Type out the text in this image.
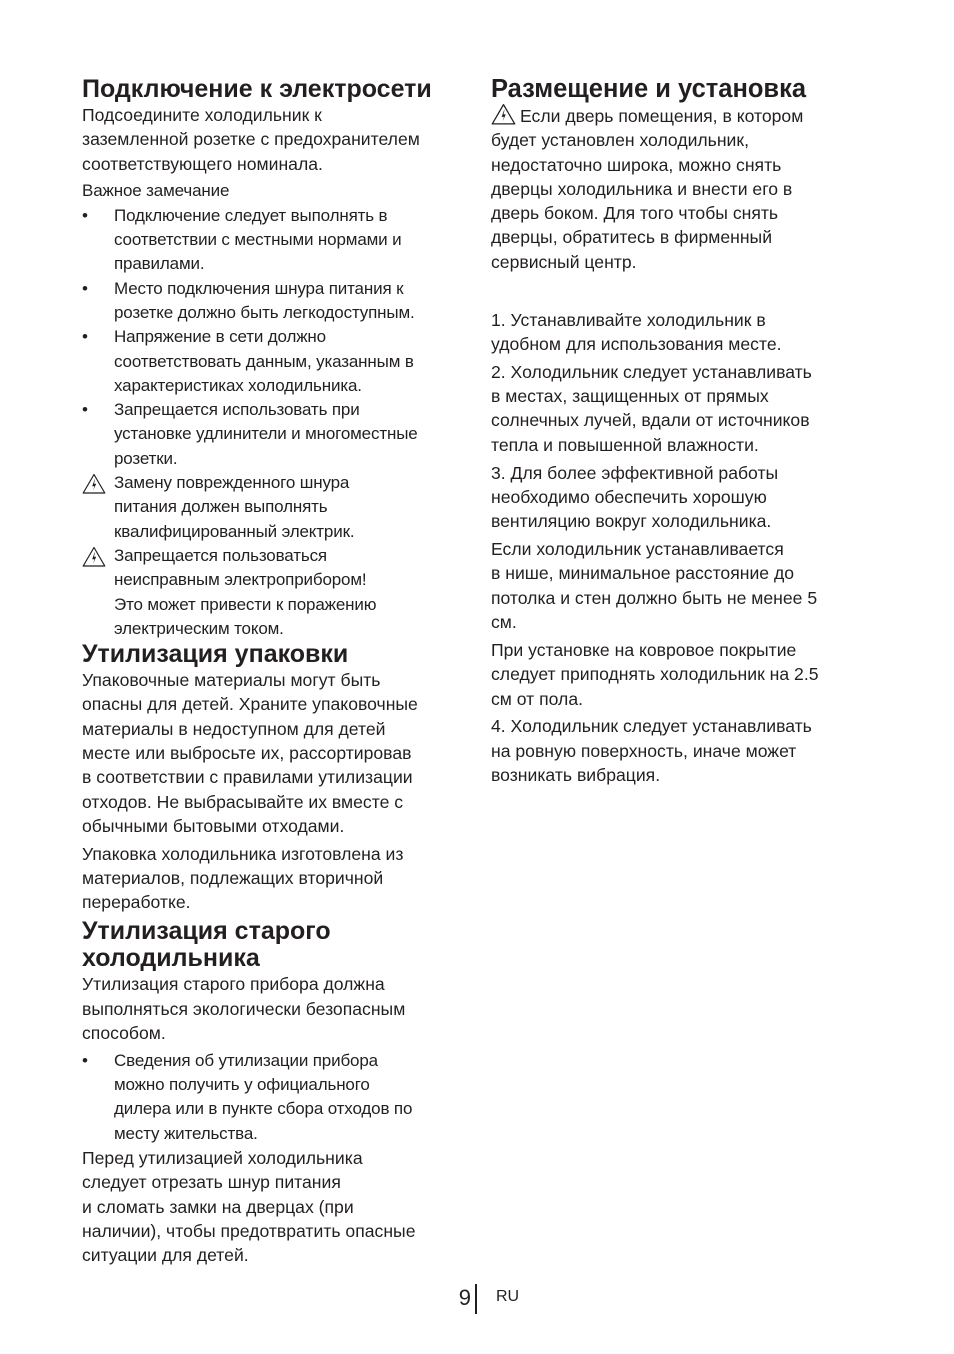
Подключение к электросети
Подсоедините холодильник к
заземленной розетке с предохранителем
соответствующего номинала.
Важное замечание
•	Подключение следует выполнять в
соответствии с местными нормами и
правилами.
•	Место подключения шнура питания к
розетке должно быть легкодоступным.
•	Напряжение в сети должно
соответствовать данным, указанным в
характеристиках холодильника.
•	Запрещается использовать при
установке удлинители и многоместные
розетки.
Замену поврежденного шнура
питания должен выполнять
квалифицированный электрик.
Запрещается пользоваться
неисправным электроприбором!
Это может привести к поражению
электрическим током.
Утилизация упаковки
Упаковочные материалы могут быть
опасны для детей. Храните упаковочные
материалы в недоступном для детей
месте или выбросьте их, рассортировав
в соответствии с правилами утилизации
отходов. Не выбрасывайте их вместе с
обычными бытовыми отходами.
Упаковка холодильника изготовлена из
материалов, подлежащих вторичной
переработке.
Утилизация старого
холодильника
Утилизация старого прибора должна
выполняться экологически безопасным
способом.
•	Сведения об утилизации прибора
можно получить у официального
дилера или в пункте сбора отходов по
месту жительства.
Перед утилизацией холодильника
следует отрезать шнур питания
и сломать замки на дверцах (при
наличии), чтобы предотвратить опасные
ситуации для детей.
Размещение и установка
Если дверь помещения, в котором
будет установлен холодильник,
недостаточно широка, можно снять
дверцы холодильника и внести его в
дверь боком. Для того чтобы снять
дверцы, обратитесь в фирменный
сервисный центр.
1. Устанавливайте холодильник в
удобном для использования месте.
2. Холодильник следует устанавливать
в местах, защищенных от прямых
солнечных лучей, вдали от источников
тепла и повышенной влажности.
3. Для более эффективной работы
необходимо обеспечить хорошую
вентиляцию вокруг холодильника.
Если холодильник устанавливается
в нише, минимальное расстояние до
потолка и стен должно быть не менее 5
см.
При установке на ковровое покрытие
следует приподнять холодильник на 2.5
см от пола.
4. Холодильник следует устанавливать
на ровную поверхность, иначе может
возникать вибрация.
9 RU
